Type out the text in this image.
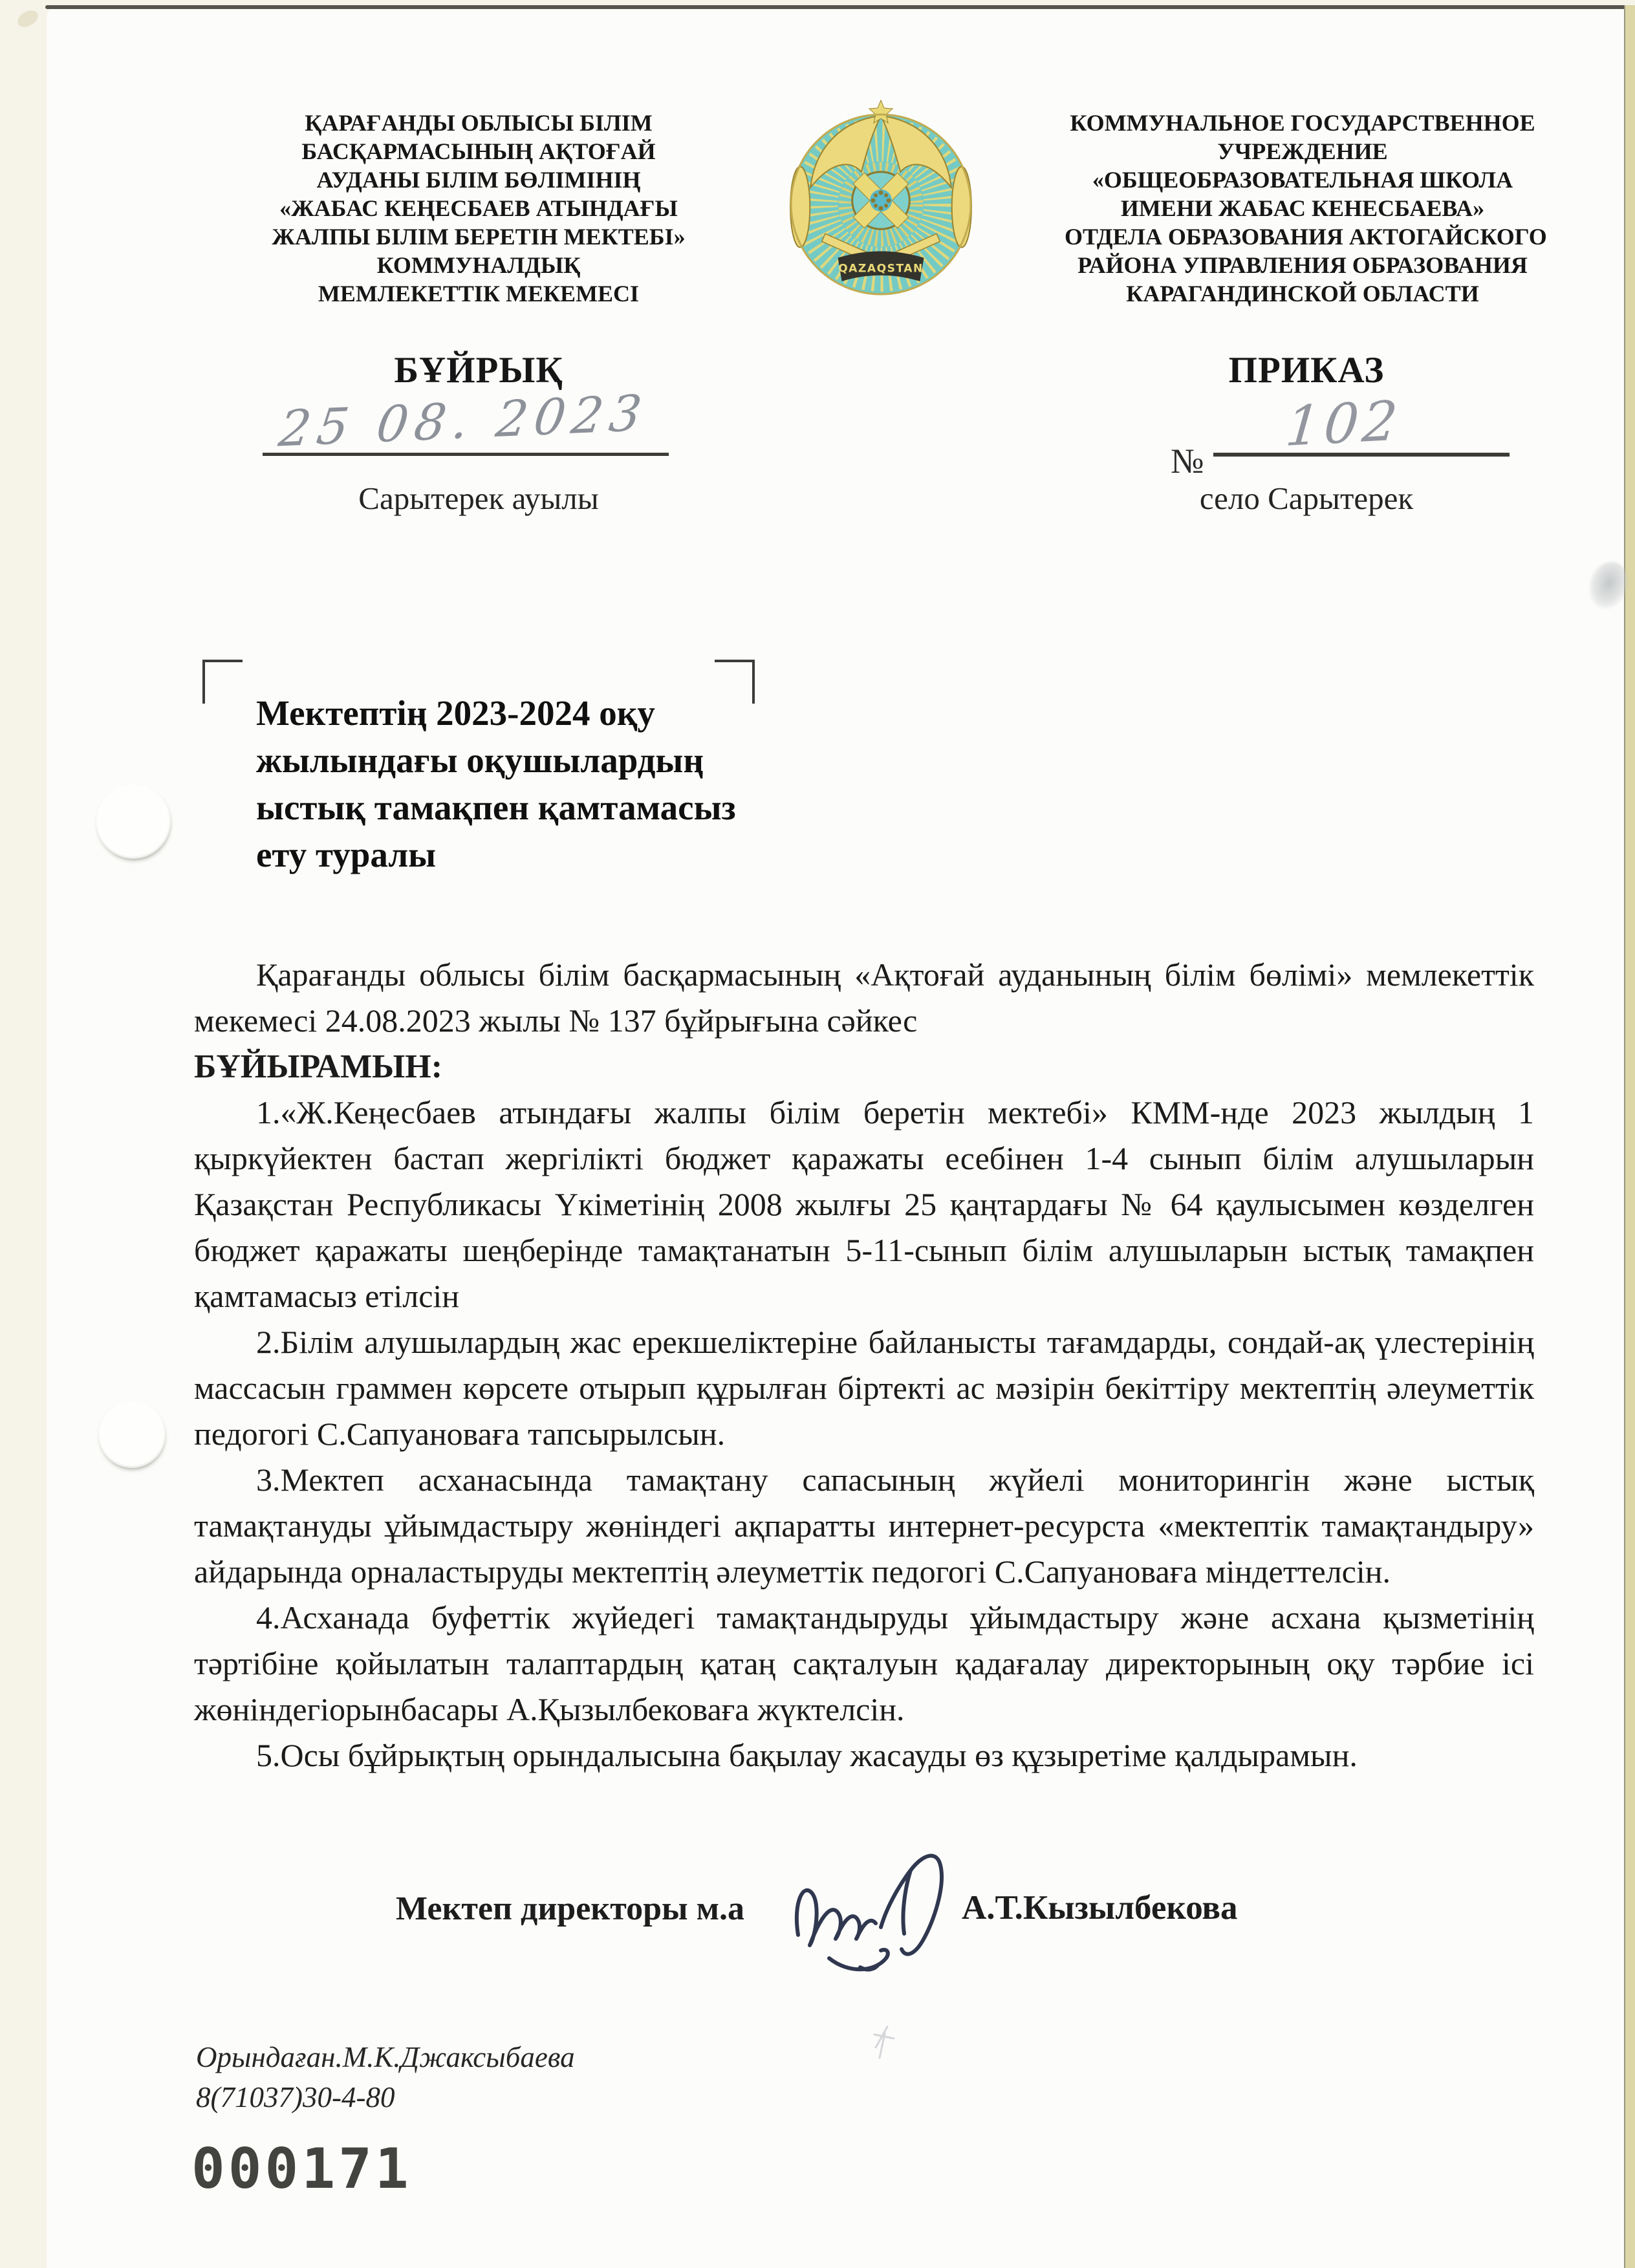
ҚАРАҒАНДЫ ОБЛЫСЫ БІЛІМ
БАСҚАРМАСЫНЫҢ АҚТОҒАЙ
АУДАНЫ БІЛІМ БӨЛІМІНІҢ
«ЖАБАС КЕҢЕСБАЕВ АТЫНДАҒЫ
ЖАЛПЫ БІЛІМ БЕРЕТІН МЕКТЕБІ»
КОММУНАЛДЫҚ
МЕМЛЕКЕТТІК МЕКЕМЕСІ
QAZAQSTAN
КОММУНАЛЬНОЕ ГОСУДАРСТВЕННОЕ
УЧРЕЖДЕНИЕ
«ОБЩЕОБРАЗОВАТЕЛЬНАЯ ШКОЛА
ИМЕНИ ЖАБАС КЕНЕСБАЕВА»
ОТДЕЛА ОБРАЗОВАНИЯ АКТОГАЙСКОГО
РАЙОНА УПРАВЛЕНИЯ ОБРАЗОВАНИЯ
КАРАГАНДИНСКОЙ ОБЛАСТИ
БҰЙРЫҚ	ПРИКАЗ
25 08. 2023
Сарытерек ауылы
№
102
село Сарытерек
Мектептің 2023-2024 оқу
жылындағы оқушылардың
ыстық тамақпен қамтамасыз
ету туралы

Қарағанды облысы білім басқармасының «Ақтоғай ауданының білім бөлімі» мемлекеттік мекемесі 24.08.2023 жылы № 137 бұйрығына сәйкес

БҰЙЫРАМЫН:

1.«Ж.Кеңесбаев атындағы жалпы білім беретін мектебі» КММ-нде 2023 жылдың 1 қыркүйектен бастап жергілікті бюджет қаражаты есебінен 1-4 сынып білім алушыларын Қазақстан Республикасы Үкіметінің 2008 жылғы 25 қаңтардағы № 64 қаулысымен көзделген бюджет қаражаты шеңберінде тамақтанатын 5-11-сынып білім алушыларын ыстық тамақпен қамтамасыз етілсін

2.Білім алушылардың жас ерекшеліктеріне байланысты тағамдарды, сондай-ақ үлестерінің массасын граммен көрсете отырып құрылған біртекті ас мәзірін бекіттіру мектептің әлеуметтік педогогі С.Сапуановаға тапсырылсын.

3.Мектеп асханасында тамақтану сапасының жүйелі мониторингін және ыстық тамақтануды ұйымдастыру жөніндегі ақпаратты интернет-ресурста «мектептік тамақтандыру» айдарында орналастыруды мектептің әлеуметтік педогогі С.Сапуановаға міндеттелсін.

4.Асханада буфеттік жүйедегі тамақтандыруды ұйымдастыру және асхана қызметінің тәртібіне қойылатын талаптардың қатаң сақталуын қадағалау директорының оқу тәрбие ісі жөніндегіорынбасары А.Қызылбековаға жүктелсін.

5.Осы бұйрықтың орындалысына бақылау жасауды өз құзыретіме қалдырамын.

Мектеп директоры м.а	А.Т.Кызылбекова
Орындаған.М.К.Джаксыбаева
8(71037)30-4-80
000171
